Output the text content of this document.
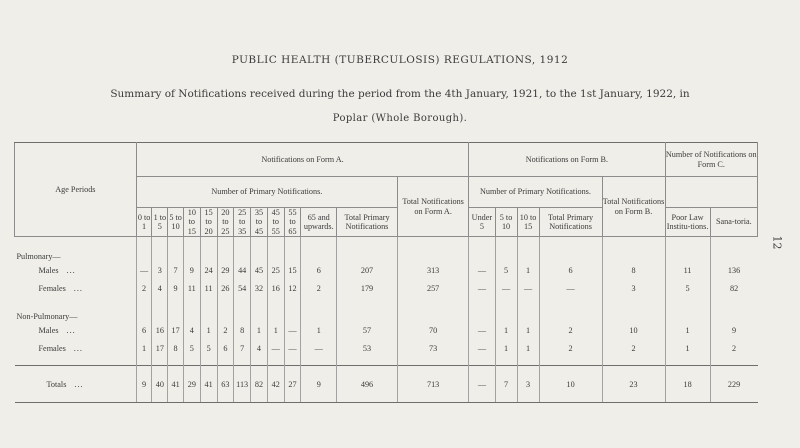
PUBLIC HEALTH (TUBERCULOSIS) REGULATIONS, 1912
Summary of Notifications received during the period from the 4th January, 1921, to the 1st January, 1922, in
Poplar (Whole Borough).
12
Age Periods	Notifications on Form A.													Notifications on Form B.					Number of Notifications on Form C.	
	Number of Primary Notifications.												Total Notifications on Form A.	Number of Primary Notifications.				Total Notifications on Form B.		
	0 to 1	1 to 5	5 to 10	10 to 15	15 to 20	20 to 25	25 to 35	35 to 45	45 to 55	55 to 65	65 and upwards.	Total Primary Notifications		Under 5	5 to 10	10 to 15	Total Primary Notifications		Poor Law Institu-tions.	Sana-toria.

Pulmonary—																				
Males ...	—	3	7	9	24	29	44	45	25	15	6	207	313	—	5	1	6	8	11	136
Females ...	2	4	9	11	11	26	54	32	16	12	2	179	257	—	—	—	—	3	5	82

Non-Pulmonary—																				
Males ...	6	16	17	4	1	2	8	1	1	—	1	57	70	—	1	1	2	10	1	9
Females ...	1	17	8	5	5	6	7	4	—	—	—	53	73	—	1	1	2	2	1	2

Totals ...	9	40	41	29	41	63	113	82	42	27	9	496	713	—	7	3	10	23	18	229
